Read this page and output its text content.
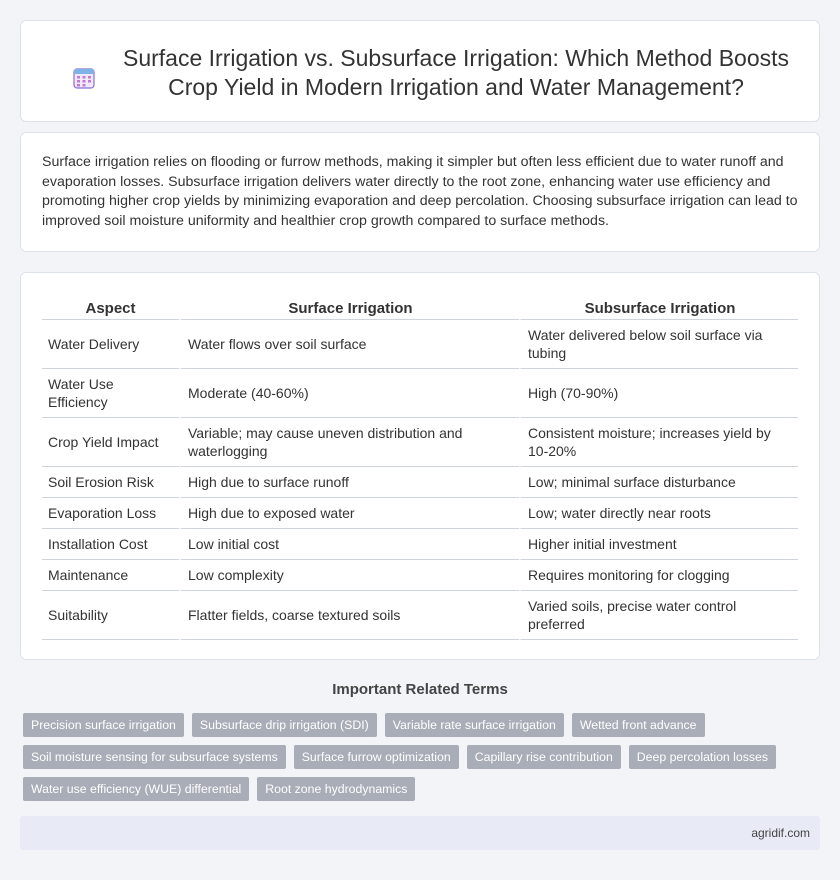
Surface Irrigation vs. Subsurface Irrigation: Which Method Boosts Crop Yield in Modern Irrigation and Water Management?

Surface irrigation relies on flooding or furrow methods, making it simpler but often less efficient due to water runoff and evaporation losses. Subsurface irrigation delivers water directly to the root zone, enhancing water use efficiency and promoting higher crop yields by minimizing evaporation and deep percolation. Choosing subsurface irrigation can lead to improved soil moisture uniformity and healthier crop growth compared to surface methods.

Aspect	Surface Irrigation	Subsurface Irrigation
Water Delivery	Water flows over soil surface	Water delivered below soil surface via tubing
Water Use Efficiency	Moderate (40-60%)	High (70-90%)
Crop Yield Impact	Variable; may cause uneven distribution and waterlogging	Consistent moisture; increases yield by 10-20%
Soil Erosion Risk	High due to surface runoff	Low; minimal surface disturbance
Evaporation Loss	High due to exposed water	Low; water directly near roots
Installation Cost	Low initial cost	Higher initial investment
Maintenance	Low complexity	Requires monitoring for clogging
Suitability	Flatter fields, coarse textured soils	Varied soils, precise water control preferred
Important Related Terms
Precision surface irrigation	Subsurface drip irrigation (SDI)	Variable rate surface irrigation	Wetted front advance
Soil moisture sensing for subsurface systems	Surface furrow optimization	Capillary rise contribution	Deep percolation losses
Water use efficiency (WUE) differential	Root zone hydrodynamics
agridif.com
